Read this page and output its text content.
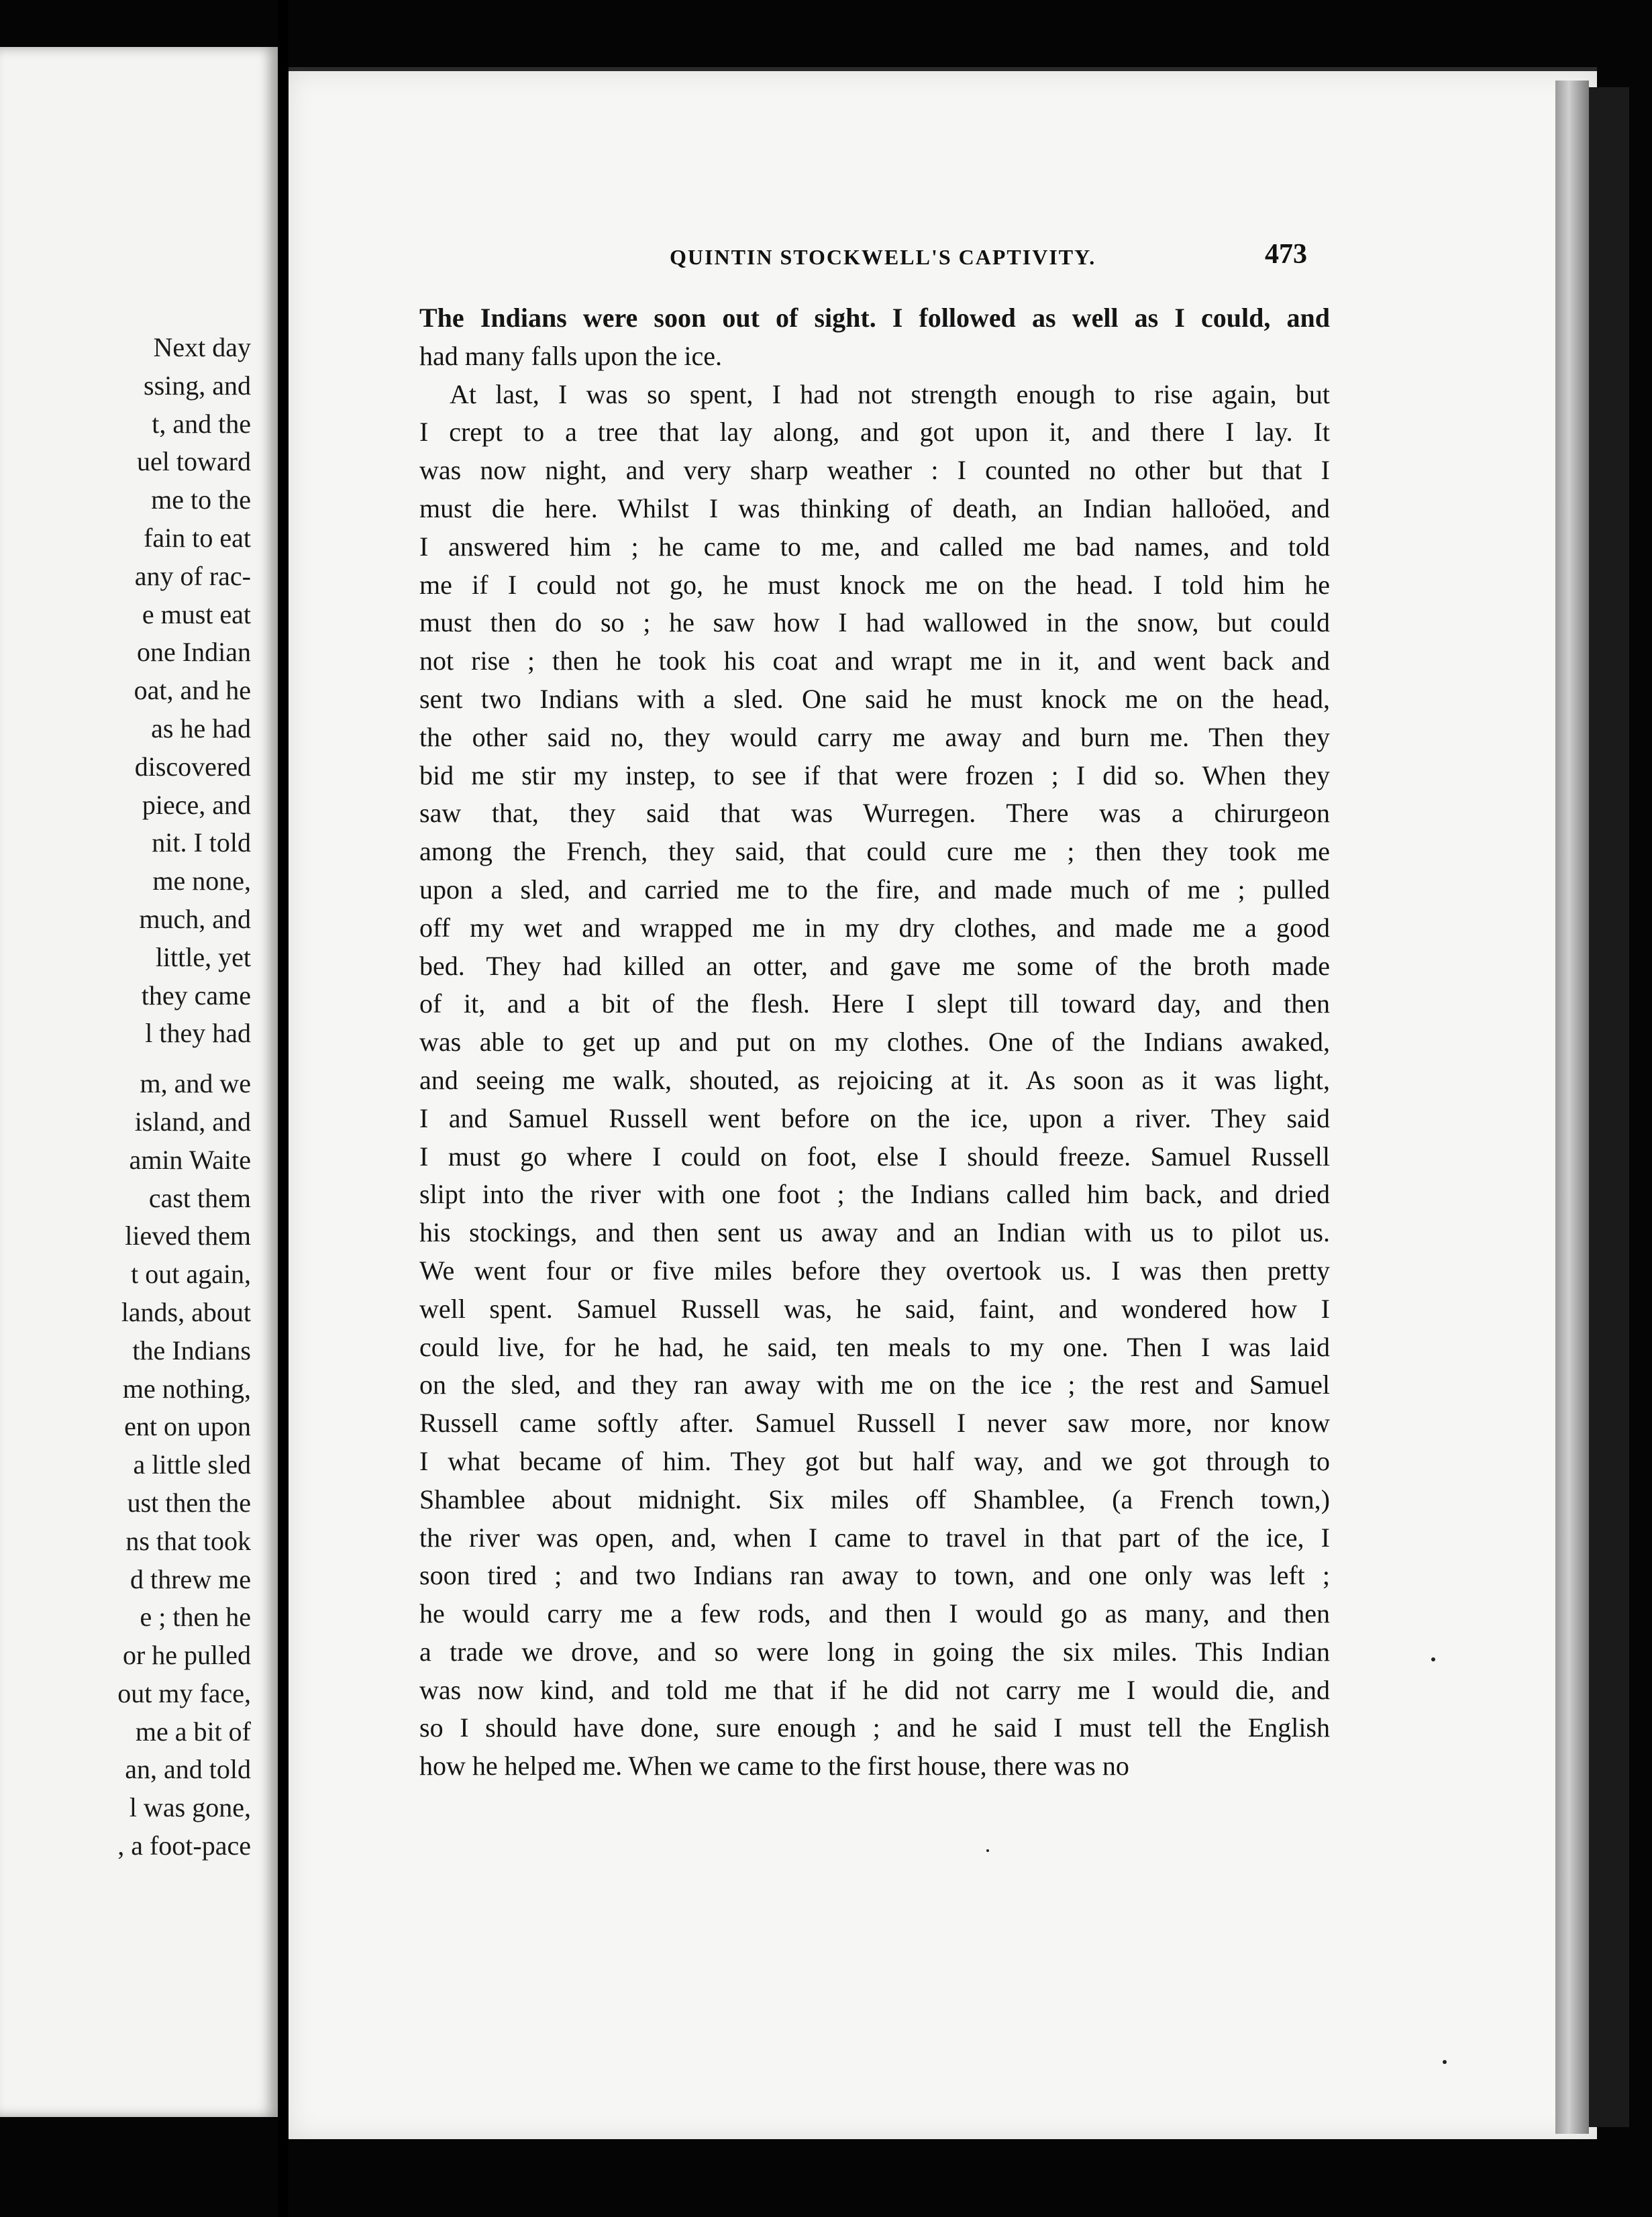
Next day
ssing, and
t, and the
uel toward
me to the
fain to eat
any of rac-
e must eat
one Indian
oat, and he
as he had
discovered
piece, and
nit. I told
me none,
much, and
little, yet
they came
l they had
m, and we
island, and
amin Waite
cast them
lieved them
t out again,
lands, about
the Indians
me nothing,
ent on upon
a little sled
ust then the
ns that took
d threw me
e ; then he
or he pulled
out my face,
me a bit of
an, and told
l was gone,
, a foot-pace
QUINTIN STOCKWELL'S CAPTIVITY.	473
The Indians were soon out of sight. I followed as well as I could, and
had many falls upon the ice.
At last, I was so spent, I had not strength enough to rise again, but
I crept to a tree that lay along, and got upon it, and there I lay. It
was now night, and very sharp weather : I counted no other but that I
must die here. Whilst I was thinking of death, an Indian halloöed, and
I answered him ; he came to me, and called me bad names, and told
me if I could not go, he must knock me on the head. I told him he
must then do so ; he saw how I had wallowed in the snow, but could
not rise ; then he took his coat and wrapt me in it, and went back and
sent two Indians with a sled. One said he must knock me on the head,
the other said no, they would carry me away and burn me. Then they
bid me stir my instep, to see if that were frozen ; I did so. When they
saw that, they said that was Wurregen. There was a chirurgeon
among the French, they said, that could cure me ; then they took me
upon a sled, and carried me to the fire, and made much of me ; pulled
off my wet and wrapped me in my dry clothes, and made me a good
bed. They had killed an otter, and gave me some of the broth made
of it, and a bit of the flesh. Here I slept till toward day, and then
was able to get up and put on my clothes. One of the Indians awaked,
and seeing me walk, shouted, as rejoicing at it. As soon as it was light,
I and Samuel Russell went before on the ice, upon a river. They said
I must go where I could on foot, else I should freeze. Samuel Russell
slipt into the river with one foot ; the Indians called him back, and dried
his stockings, and then sent us away and an Indian with us to pilot us.
We went four or five miles before they overtook us. I was then pretty
well spent. Samuel Russell was, he said, faint, and wondered how I
could live, for he had, he said, ten meals to my one. Then I was laid
on the sled, and they ran away with me on the ice ; the rest and Samuel
Russell came softly after. Samuel Russell I never saw more, nor know
I what became of him. They got but half way, and we got through to
Shamblee about midnight. Six miles off Shamblee, (a French town,)
the river was open, and, when I came to travel in that part of the ice, I
soon tired ; and two Indians ran away to town, and one only was left ;
he would carry me a few rods, and then I would go as many, and then
a trade we drove, and so were long in going the six miles. This Indian
was now kind, and told me that if he did not carry me I would die, and
so I should have done, sure enough ; and he said I must tell the English
how he helped me. When we came to the first house, there was no
